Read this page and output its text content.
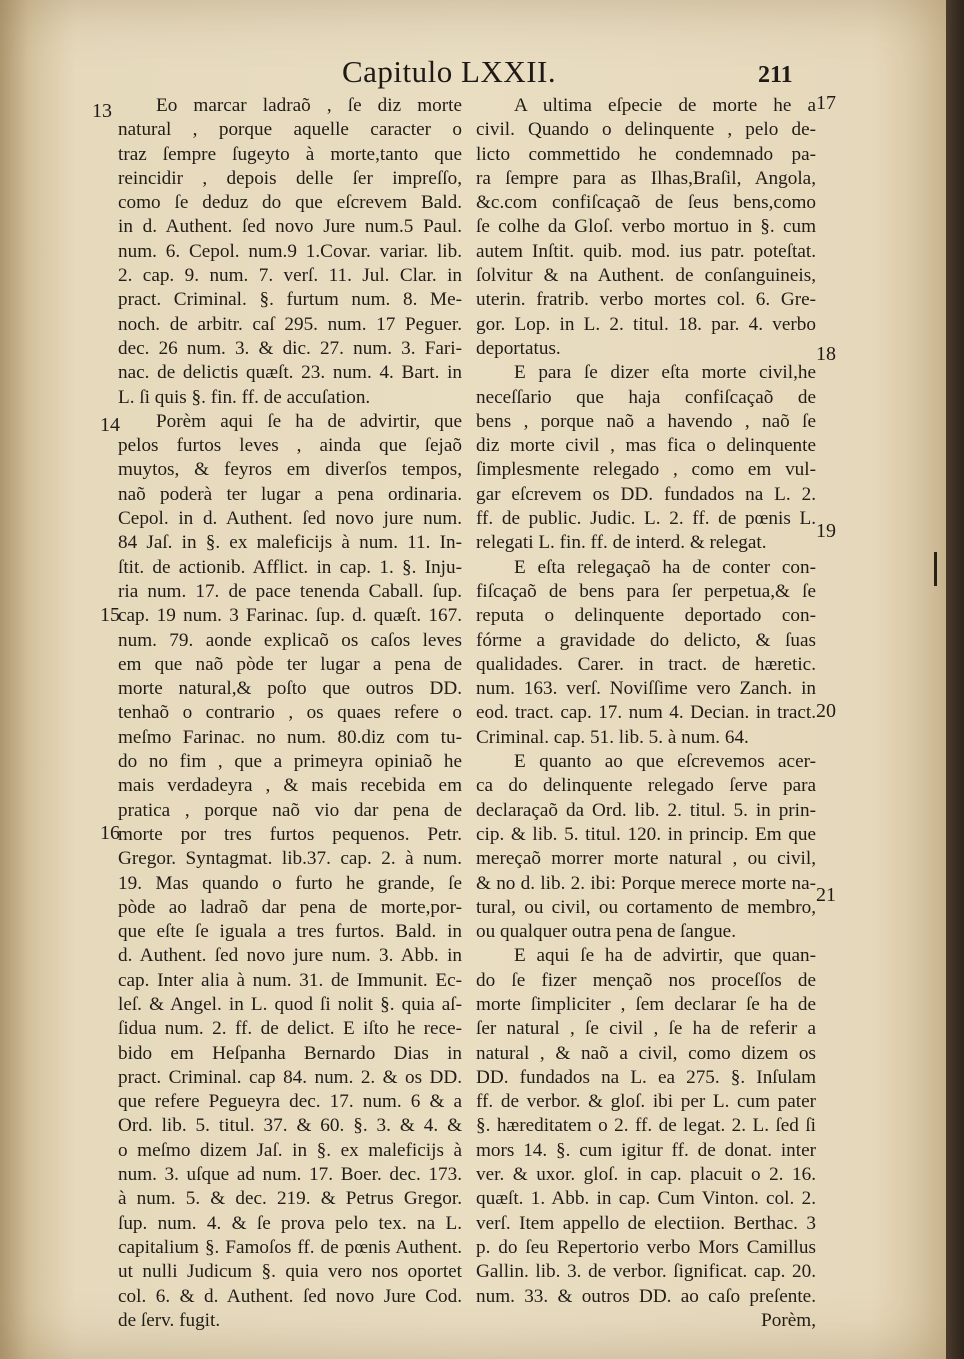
Capitulo LXXII.	211
Eo marcar ladraõ , ſe diz morte
natural , porque aquelle caracter o
traz ſempre ſugeyto à morte,tanto que
reincidir , depois delle ſer impreſſo,
como ſe deduz do que eſcrevem Bald.
in d. Authent. ſed novo Jure num.5 Paul.
num. 6. Cepol. num.9 1.Covar. variar. lib.
2. cap. 9. num. 7. verſ. 11. Jul. Clar. in
pract. Criminal. §. furtum num. 8. Me-
noch. de arbitr. caſ 295. num. 17 Peguer.
dec. 26 num. 3. & dic. 27. num. 3. Fari-
nac. de delictis quæſt. 23. num. 4. Bart. in
L. ſi quis §. fin. ff. de accuſation.
Porèm aqui ſe ha de advirtir, que
pelos furtos leves , ainda que ſejaõ
muytos, & feyros em diverſos tempos,
naõ poderà ter lugar a pena ordinaria.
Cepol. in d. Authent. ſed novo jure num.
84 Jaſ. in §. ex maleficijs à num. 11. In-
ſtit. de actionib. Afflict. in cap. 1. §. Inju-
ria num. 17. de pace tenenda Caball. ſup.
cap. 19 num. 3 Farinac. ſup. d. quæſt. 167.
num. 79. aonde explicaõ os caſos leves
em que naõ pòde ter lugar a pena de
morte natural,& poſto que outros DD.
tenhaõ o contrario , os quaes refere o
meſmo Farinac. no num. 80.diz com tu-
do no fim , que a primeyra opiniaõ he
mais verdadeyra , & mais recebida em
pratica , porque naõ vio dar pena de
morte por tres furtos pequenos. Petr.
Gregor. Syntagmat. lib.37. cap. 2. à num.
19. Mas quando o furto he grande, ſe
pòde ao ladraõ dar pena de morte,por-
que eſte ſe iguala a tres furtos. Bald. in
d. Authent. ſed novo jure num. 3. Abb. in
cap. Inter alia à num. 31. de Immunit. Ec-
leſ. & Angel. in L. quod ſi nolit §. quia aſ-
ſidua num. 2. ff. de delict. E iſto he rece-
bido em Heſpanha Bernardo Dias in
pract. Criminal. cap 84. num. 2. & os DD.
que refere Pegueyra dec. 17. num. 6 & a
Ord. lib. 5. titul. 37. & 60. §. 3. & 4. &
o meſmo dizem Jaſ. in §. ex maleficijs à
num. 3. uſque ad num. 17. Boer. dec. 173.
à num. 5. & dec. 219. & Petrus Gregor.
ſup. num. 4. & ſe prova pelo tex. na L.
capitalium §. Famoſos ff. de pœnis Authent.
ut nulli Judicum §. quia vero nos oportet
col. 6. & d. Authent. ſed novo Jure Cod.
de ſerv. fugit.
A ultima eſpecie de morte he a
civil. Quando o delinquente , pelo de-
licto commettido he condemnado pa-
ra ſempre para as Ilhas,Braſil, Angola,
&c.com confiſcaçaõ de ſeus bens,como
ſe colhe da Gloſ. verbo mortuo in §. cum
autem Inſtit. quib. mod. ius patr. poteſtat.
ſolvitur & na Authent. de conſanguineis,
uterin. fratrib. verbo mortes col. 6. Gre-
gor. Lop. in L. 2. titul. 18. par. 4. verbo
deportatus.
E para ſe dizer eſta morte civil,he
neceſſario que haja confiſcaçaõ de
bens , porque naõ a havendo , naõ ſe
diz morte civil , mas fica o delinquente
ſimplesmente relegado , como em vul-
gar eſcrevem os DD. fundados na L. 2.
ff. de public. Judic. L. 2. ff. de pœnis L.
relegati L. fin. ff. de interd. & relegat.
E eſta relegaçaõ ha de conter con-
fiſcaçaõ de bens para ſer perpetua,& ſe
reputa o delinquente deportado con-
fórme a gravidade do delicto, & ſuas
qualidades. Carer. in tract. de hæretic.
num. 163. verſ. Noviſſime vero Zanch. in
eod. tract. cap. 17. num 4. Decian. in tract.
Criminal. cap. 51. lib. 5. à num. 64.
E quanto ao que eſcrevemos acer-
ca do delinquente relegado ſerve para
declaraçaõ da Ord. lib. 2. titul. 5. in prin-
cip. & lib. 5. titul. 120. in princip. Em que
mereçaõ morrer morte natural , ou civil,
& no d. lib. 2. ibi: Porque merece morte na-
tural, ou civil, ou cortamento de membro,
ou qualquer outra pena de ſangue.
E aqui ſe ha de advirtir, que quan-
do ſe fizer mençaõ nos proceſſos de
morte ſimpliciter , ſem declarar ſe ha de
ſer natural , ſe civil , ſe ha de referir a
natural , & naõ a civil, como dizem os
DD. fundados na L. ea 275. §. Inſulam
ff. de verbor. & gloſ. ibi per L. cum pater
§. hæreditatem o 2. ff. de legat. 2. L. ſed ſi
mors 14. §. cum igitur ff. de donat. inter
ver. & uxor. gloſ. in cap. placuit o 2. 16.
quæſt. 1. Abb. in cap. Cum Vinton. col. 2.
verſ. Item appello de electiion. Berthac. 3
p. do ſeu Repertorio verbo Mors Camillus
Gallin. lib. 3. de verbor. ſignificat. cap. 20.
num. 33. & outros DD. ao caſo preſente.
Porèm,
13
14
15
16
17
18
19
20
21
